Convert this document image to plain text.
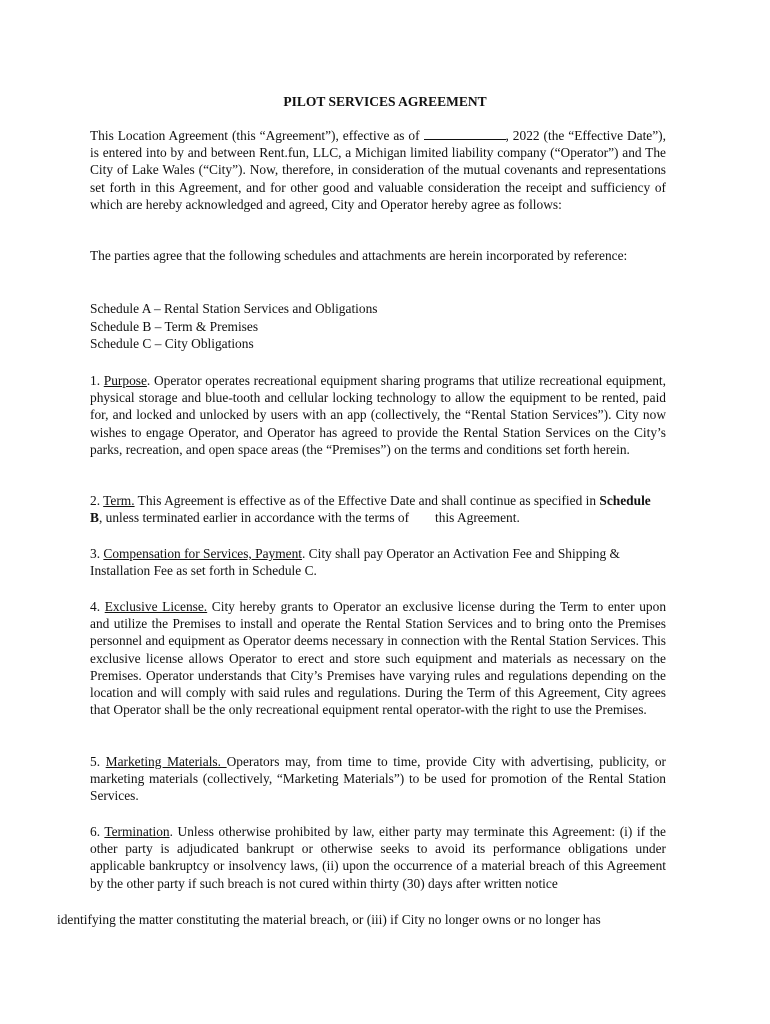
PILOT SERVICES AGREEMENT
This Location Agreement (this “Agreement”), effective as of	, 2022 (the “Effective Date”), is entered into by and between Rent.fun, LLC, a Michigan limited liability company (“Operator”) and The City of Lake Wales (“City”). Now, therefore, in consideration of the mutual covenants and representations set forth in this Agreement, and for other good and valuable consideration the receipt and sufficiency of which are hereby acknowledged and agreed, City and Operator hereby agree as follows:
The parties agree that the following schedules and attachments are herein incorporated by reference:
Schedule A – Rental Station Services and Obligations
Schedule B – Term & Premises
Schedule C – City Obligations
1. Purpose. Operator operates recreational equipment sharing programs that utilize recreational equipment, physical storage and blue-tooth and cellular locking technology to allow the equipment to be rented, paid for, and locked and unlocked by users with an app (collectively, the “Rental Station Services”). City now wishes to engage Operator, and Operator has agreed to provide the Rental Station Services on the City’s parks, recreation, and open space areas (the “Premises”) on the terms and conditions set forth herein.
2. Term. This Agreement is effective as of the Effective Date and shall continue as specified in Schedule B, unless terminated earlier in accordance with the terms of this Agreement.
3. Compensation for Services, Payment. City shall pay Operator an Activation Fee and Shipping & Installation Fee as set forth in Schedule C.
4. Exclusive License. City hereby grants to Operator an exclusive license during the Term to enter upon and utilize the Premises to install and operate the Rental Station Services and to bring onto the Premises personnel and equipment as Operator deems necessary in connection with the Rental Station Services. This exclusive license allows Operator to erect and store such equipment and materials as necessary on the Premises. Operator understands that City’s Premises have varying rules and regulations depending on the location and will comply with said rules and regulations. During the Term of this Agreement, City agrees that Operator shall be the only recreational equipment rental operator-with the right to use the Premises.
5. Marketing Materials. Operators may, from time to time, provide City with advertising, publicity, or marketing materials (collectively, “Marketing Materials”) to be used for promotion of the Rental Station Services.
6. Termination. Unless otherwise prohibited by law, either party may terminate this Agreement: (i) if the other party is adjudicated bankrupt or otherwise seeks to avoid its performance obligations under applicable bankruptcy or insolvency laws, (ii) upon the occurrence of a material breach of this Agreement by the other party if such breach is not cured within thirty (30) days after written notice
identifying the matter constituting the material breach, or (iii) if City no longer owns or no longer has
